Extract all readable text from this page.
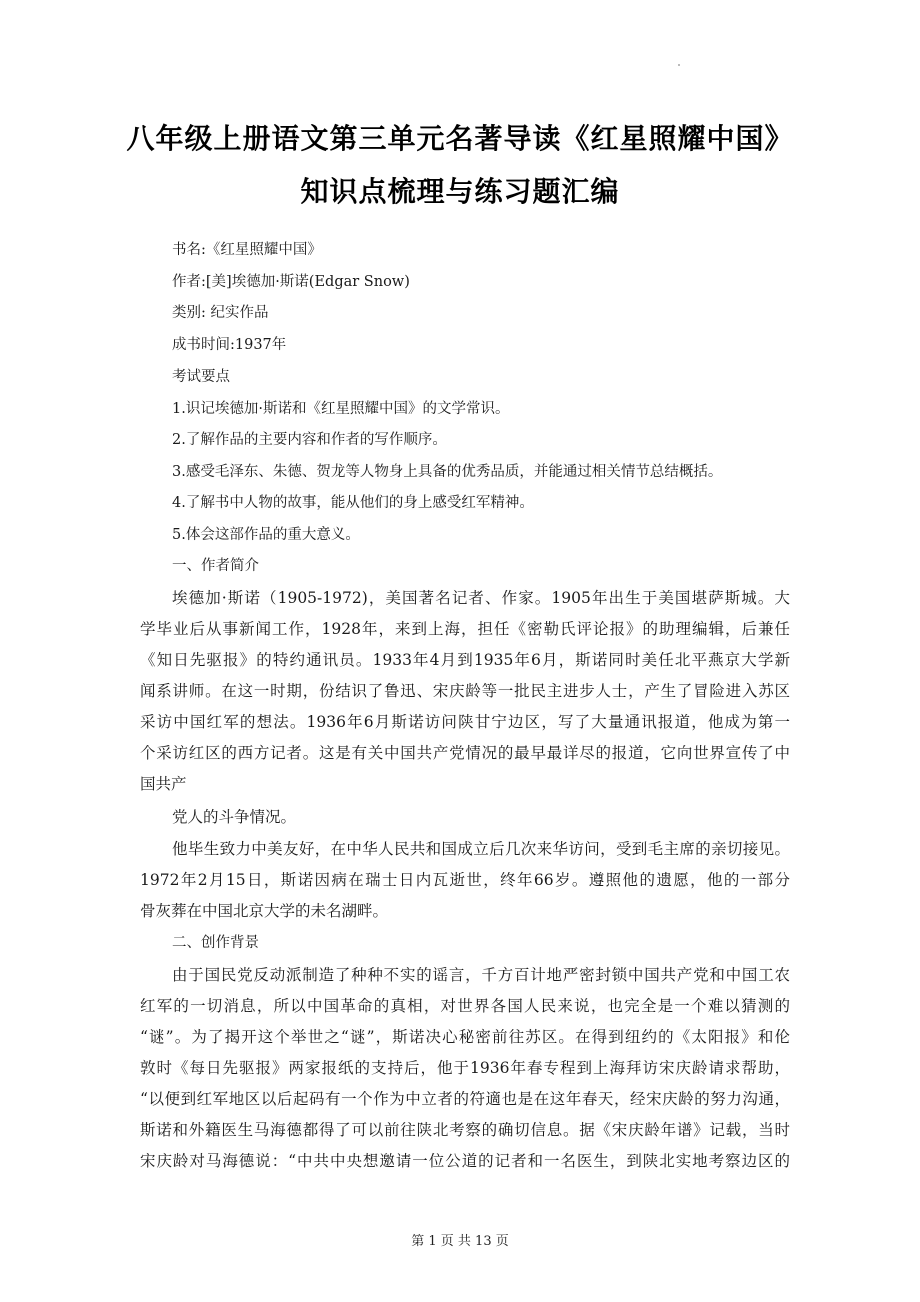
八年级上册语文第三单元名著导读《红星照耀中国》
知识点梳理与练习题汇编
书名:《红星照耀中国》
作者:[美]埃德加·斯诺(Edgar Snow)
类别: 纪实作品
成书时间:1937年
考试要点
1.识记埃德加·斯诺和《红星照耀中国》的文学常识。
2.了解作品的主要内容和作者的写作顺序。
3.感受毛泽东、朱德、贺龙等人物身上具备的优秀品质，并能通过相关情节总结概括。
4.了解书中人物的故事，能从他们的身上感受红军精神。
5.体会这部作品的重大意义。
一、作者简介
埃德加·斯诺（1905-1972)，美国著名记者、作家。1905年出生于美国堪萨斯城。大
学毕业后从事新闻工作，1928年，来到上海，担任《密勒氏评论报》的助理编辑，后兼任
《知日先驱报》的特约通讯员。1933年4月到1935年6月，斯诺同时美任北平燕京大学新
闻系讲师。在这一时期，份结识了鲁迅、宋庆龄等一批民主进步人士，产生了冒险进入苏区
采访中国红军的想法。1936年6月斯诺访问陕甘宁边区，写了大量通讯报道，他成为第一
个采访红区的西方记者。这是有关中国共产党情况的最早最详尽的报道，它向世界宣传了中
国共产
党人的斗争情况。
他毕生致力中美友好，在中华人民共和国成立后几次来华访问，受到毛主席的亲切接见。
1972年2月15日，斯诺因病在瑞士日内瓦逝世，终年66岁。遵照他的遗愿，他的一部分
骨灰葬在中国北京大学的未名湖畔。
二、创作背景
由于国民党反动派制造了种种不实的谣言，千方百计地严密封锁中国共产党和中国工农
红军的一切消息，所以中国革命的真相，对世界各国人民来说，也完全是一个难以猜测的
“谜”。为了揭开这个举世之“谜”，斯诺决心秘密前往苏区。在得到纽约的《太阳报》和伦
敦时《每日先驱报》两家报纸的支持后，他于1936年春专程到上海拜访宋庆龄请求帮助，
“以便到红军地区以后起码有一个作为中立者的符適也是在这年春天，经宋庆龄的努力沟通，
斯诺和外籍医生马海德都得了可以前往陕北考察的确切信息。据《宋庆龄年谱》记载，当时
宋庆龄对马海德说：“中共中央想邀请一位公道的记者和一名医生，到陕北实地考察边区的
第 1 页 共 13 页
